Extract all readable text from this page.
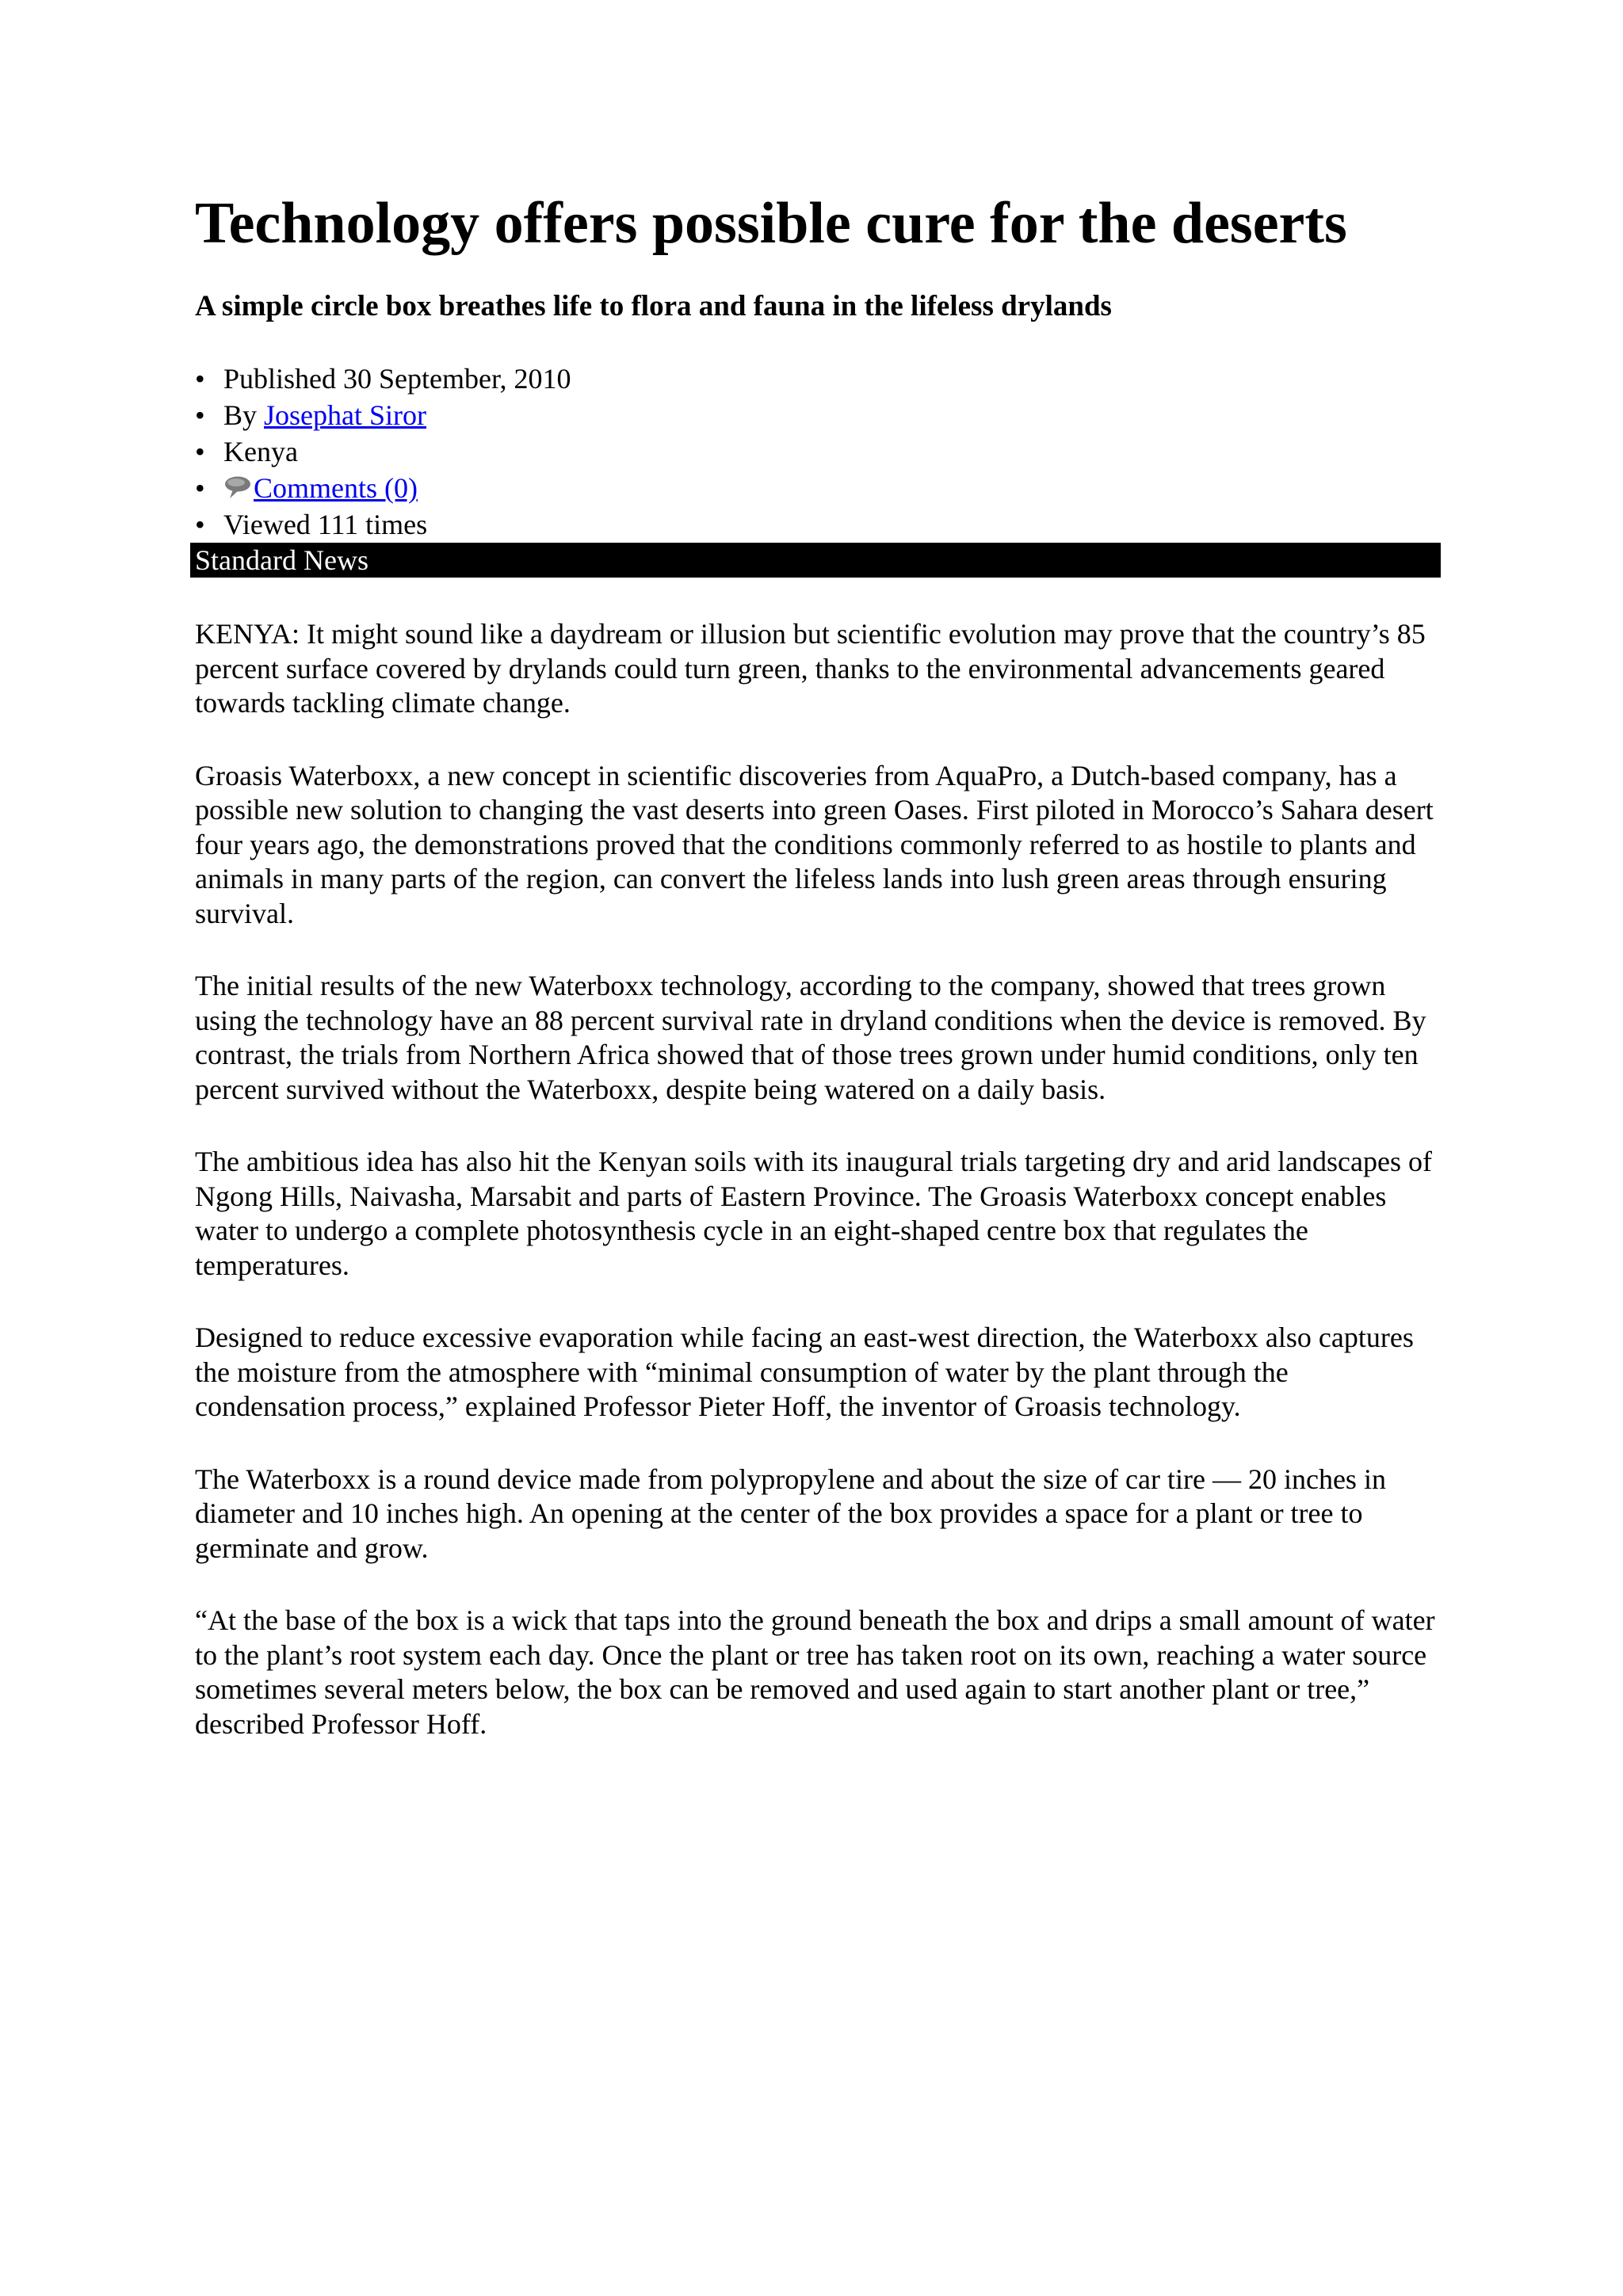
Technology offers possible cure for the deserts
A simple circle box breathes life to flora and fauna in the lifeless drylands
• Published 30 September, 2010
• By Josephat Siror
• Kenya
• Comments (0)
• Viewed 111 times
Standard News

KENYA: It might sound like a daydream or illusion but scientific evolution may prove that the country’s 85 percent surface covered by drylands could turn green, thanks to the environmental advancements geared towards tackling climate change.

Groasis Waterboxx, a new concept in scientific discoveries from AquaPro, a Dutch-based company, has a possible new solution to changing the vast deserts into green Oases. First piloted in Morocco’s Sahara desert four years ago, the demonstrations proved that the conditions commonly referred to as hostile to plants and animals in many parts of the region, can convert the lifeless lands into lush green areas through ensuring survival.

The initial results of the new Waterboxx technology, according to the company, showed that trees grown using the technology have an 88 percent survival rate in dryland conditions when the device is removed. By contrast, the trials from Northern Africa showed that of those trees grown under humid conditions, only ten percent survived without the Waterboxx, despite being watered on a daily basis.

The ambitious idea has also hit the Kenyan soils with its inaugural trials targeting dry and arid landscapes of Ngong Hills, Naivasha, Marsabit and parts of Eastern Province. The Groasis Waterboxx concept enables water to undergo a complete photosynthesis cycle in an eight-shaped centre box that regulates the temperatures.

Designed to reduce excessive evaporation while facing an east-west direction, the Waterboxx also captures the moisture from the atmosphere with “minimal consumption of water by the plant through the condensation process,” explained Professor Pieter Hoff, the inventor of Groasis technology.

The Waterboxx is a round device made from polypropylene and about the size of car tire — 20 inches in diameter and 10 inches high. An opening at the center of the box provides a space for a plant or tree to germinate and grow.

“At the base of the box is a wick that taps into the ground beneath the box and drips a small amount of water to the plant’s root system each day. Once the plant or tree has taken root on its own, reaching a water source sometimes several meters below, the box can be removed and used again to start another plant or tree,” described Professor Hoff.
